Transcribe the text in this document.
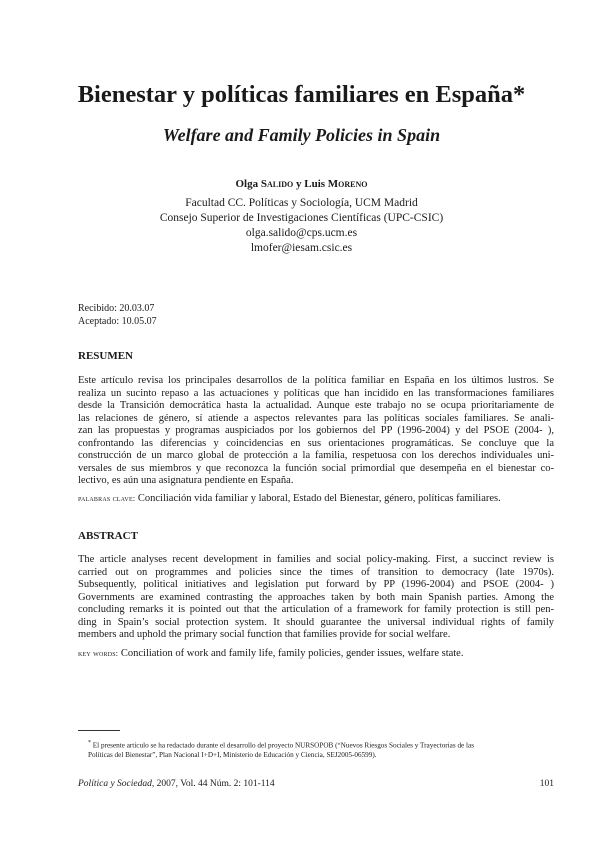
Bienestar y políticas familiares en España*
Welfare and Family Policies in Spain
Olga Salido y Luis Moreno
Facultad CC. Políticas y Sociología, UCM Madrid
Consejo Superior de Investigaciones Científicas (UPC-CSIC)
olga.salido@cps.ucm.es
lmofer@iesam.csic.es
Recibido: 20.03.07
Aceptado: 10.05.07
RESUMEN
Este artículo revisa los principales desarrollos de la política familiar en España en los últimos lustros. Se
realiza un sucinto repaso a las actuaciones y políticas que han incidido en las transformaciones familiares
desde la Transición democrática hasta la actualidad. Aunque este trabajo no se ocupa prioritariamente de
las relaciones de género, sí atiende a aspectos relevantes para las políticas sociales familiares. Se anali-
zan las propuestas y programas auspiciados por los gobiernos del PP (1996-2004) y del PSOE (2004- ),
confrontando las diferencias y coincidencias en sus orientaciones programáticas. Se concluye que la
construcción de un marco global de protección a la familia, respetuosa con los derechos individuales uni-
versales de sus miembros y que reconozca la función social primordial que desempeña en el bienestar co-
lectivo, es aún una asignatura pendiente en España.
palabras clave: Conciliación vida familiar y laboral, Estado del Bienestar, género, políticas familiares.
ABSTRACT
The article analyses recent development in families and social policy-making. First, a succinct review is
carried out on programmes and policies since the times of transition to democracy (late 1970s).
Subsequently, political initiatives and legislation put forward by PP (1996-2004) and PSOE (2004- )
Governments are examined contrasting the approaches taken by both main Spanish parties. Among the
concluding remarks it is pointed out that the articulation of a framework for family protection is still pen-
ding in Spain’s social protection system. It should guarantee the universal individual rights of family
members and uphold the primary social function that families provide for social welfare.
key words: Conciliation of work and family life, family policies, gender issues, welfare state.
* El presente artículo se ha redactado durante el desarrollo del proyecto NURSOPOB (“Nuevos Riesgos Sociales y Trayectorias de las
Políticas del Bienestar”, Plan Nacional I+D+I, Ministerio de Educación y Ciencia, SEJ2005-06599).
Política y Sociedad, 2007, Vol. 44 Núm. 2: 101-114	101
